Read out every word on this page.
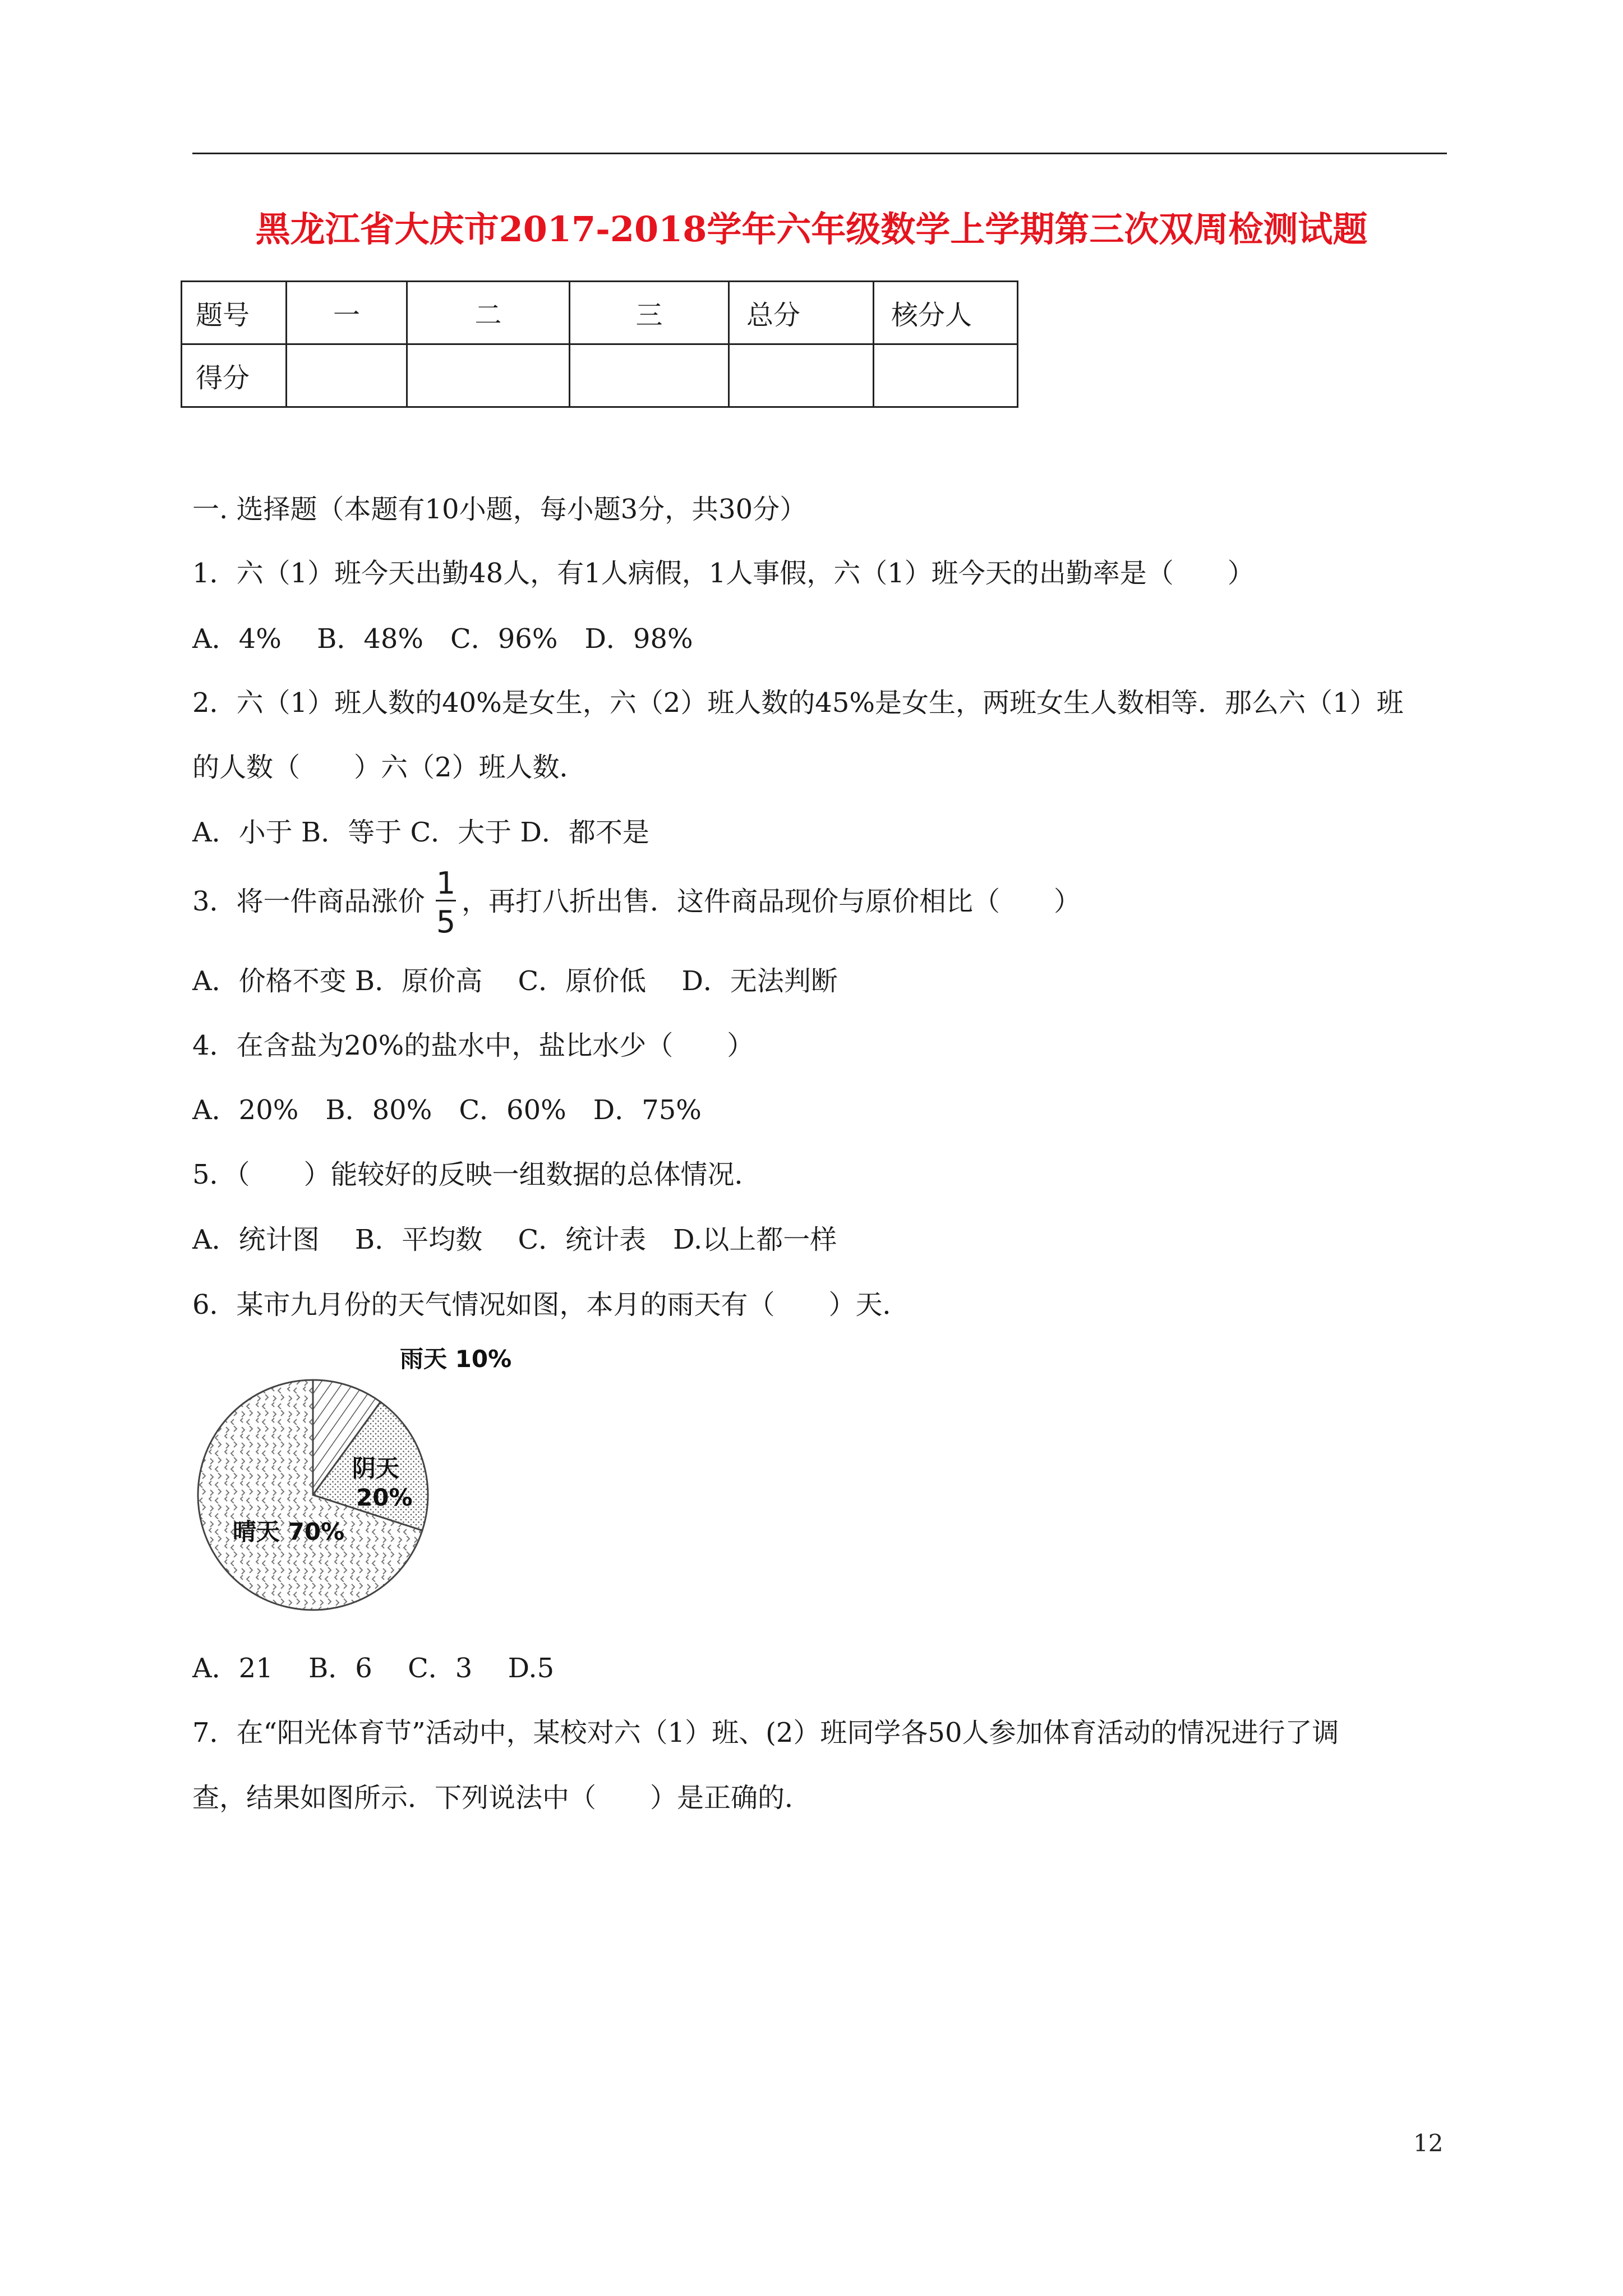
黑龙江省大庆市2017-2018学年六年级数学上学期第三次双周检测试题
题号	一	二	三	总分	核分人
得分					
一. 选择题（本题有10小题，每小题3分，共30分）
1．六（1）班今天出勤48人，有1人病假，1人事假，六（1）班今天的出勤率是（　　）
A．4%　 B．48%　C．96%　D．98%
2．六（1）班人数的40%是女生，六（2）班人数的45%是女生，两班女生人数相等．那么六（1）班
的人数（　　）六（2）班人数．
A．小于 B．等于 C．大于 D．都不是
3．将一件商品涨价
1
5
，再打八折出售．这件商品现价与原价相比（　　）
A．价格不变 B．原价高　 C．原价低　 D．无法判断
4．在含盐为20%的盐水中，盐比水少（　　）
A．20%　B．80%　C．60%　D．75%
5．（　　）能较好的反映一组数据的总体情况．
A．统计图　 B．平均数　 C．统计表　D.以上都一样
6．某市九月份的天气情况如图，本月的雨天有（　　）天．
雨天 10%
阴天
20%
晴天 70%
A．21　 B．6　 C．3　 D.5
7．在“阳光体育节”活动中，某校对六（1）班、(2）班同学各50人参加体育活动的情况进行了调
查，结果如图所示．下列说法中（　　）是正确的．
12
